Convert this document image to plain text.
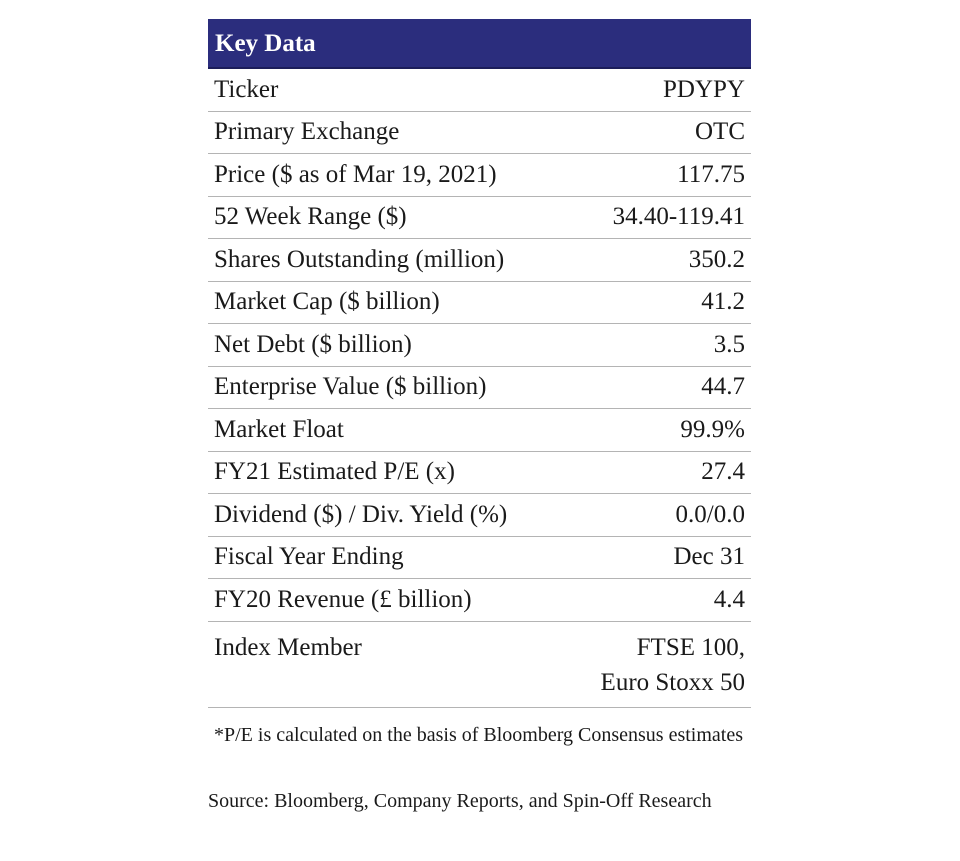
Key Data
Ticker	PDYPY
Primary Exchange	OTC
Price ($ as of Mar 19, 2021)	117.75
52 Week Range ($)	34.40-119.41
Shares Outstanding (million)	350.2
Market Cap ($ billion)	41.2
Net Debt ($ billion)	3.5
Enterprise Value ($ billion)	44.7
Market Float	99.9%
FY21 Estimated P/E (x)	27.4
Dividend ($) / Div. Yield (%)	0.0/0.0
Fiscal Year Ending	Dec 31
FY20 Revenue (£ billion)	4.4
Index Member	FTSE 100,
Euro Stoxx 50
*P/E is calculated on the basis of Bloomberg Consensus estimates
Source: Bloomberg, Company Reports, and Spin-Off Research
